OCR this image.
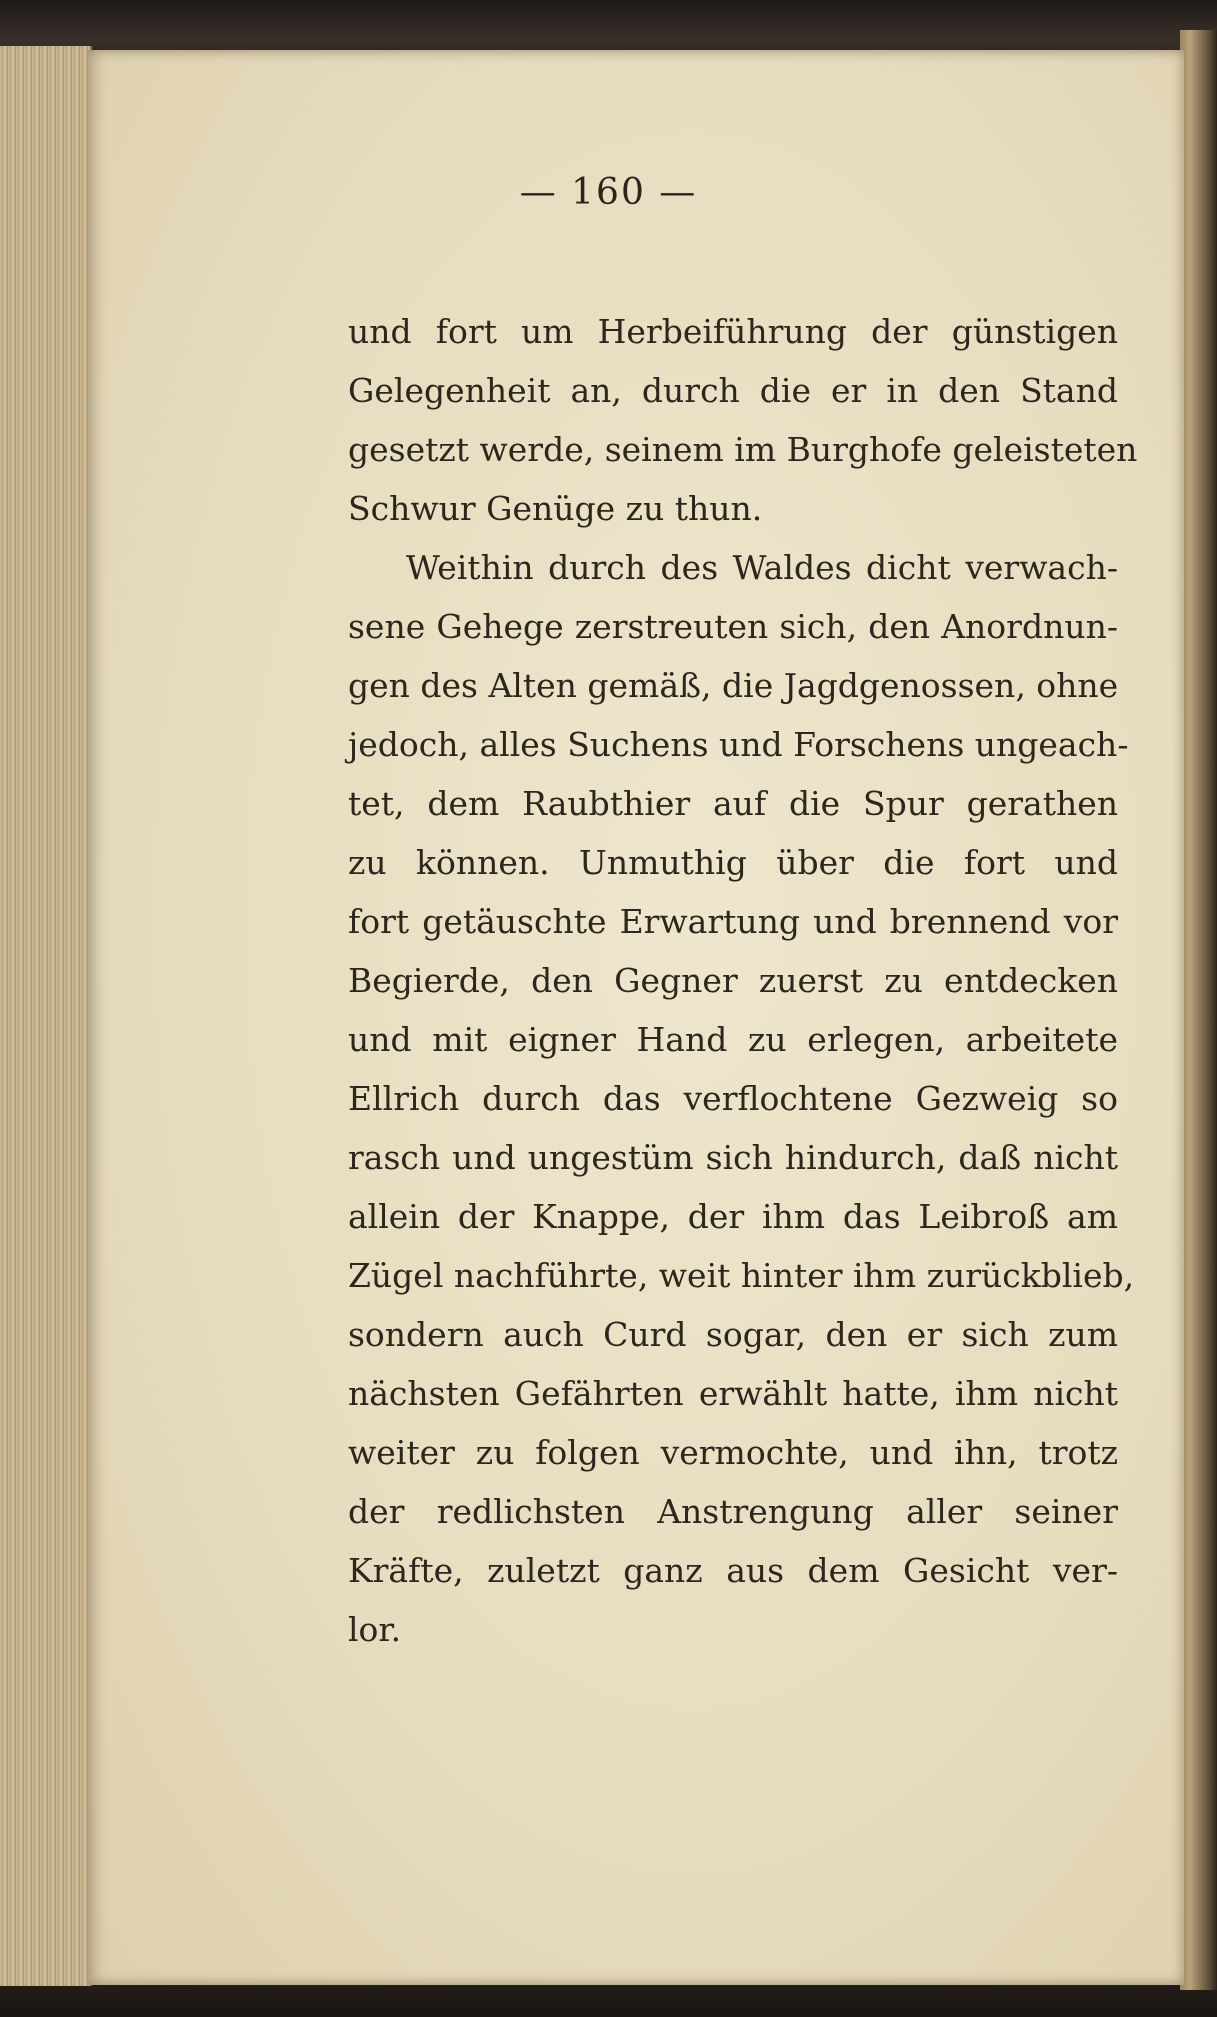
— 160 —
und fort um Herbeiführung der günstigen
Gelegenheit an, durch die er in den Stand
gesetzt werde, seinem im Burghofe geleisteten
Schwur Genüge zu thun.
Weithin durch des Waldes dicht verwach-
sene Gehege zerstreuten sich, den Anordnun-
gen des Alten gemäß, die Jagdgenossen, ohne
jedoch, alles Suchens und Forschens ungeach-
tet, dem Raubthier auf die Spur gerathen
zu können. Unmuthig über die fort und
fort getäuschte Erwartung und brennend vor
Begierde, den Gegner zuerst zu entdecken
und mit eigner Hand zu erlegen, arbeitete
Ellrich durch das verflochtene Gezweig so
rasch und ungestüm sich hindurch, daß nicht
allein der Knappe, der ihm das Leibroß am
Zügel nachführte, weit hinter ihm zurückblieb,
sondern auch Curd sogar, den er sich zum
nächsten Gefährten erwählt hatte, ihm nicht
weiter zu folgen vermochte, und ihn, trotz
der redlichsten Anstrengung aller seiner
Kräfte, zuletzt ganz aus dem Gesicht ver-
lor.
